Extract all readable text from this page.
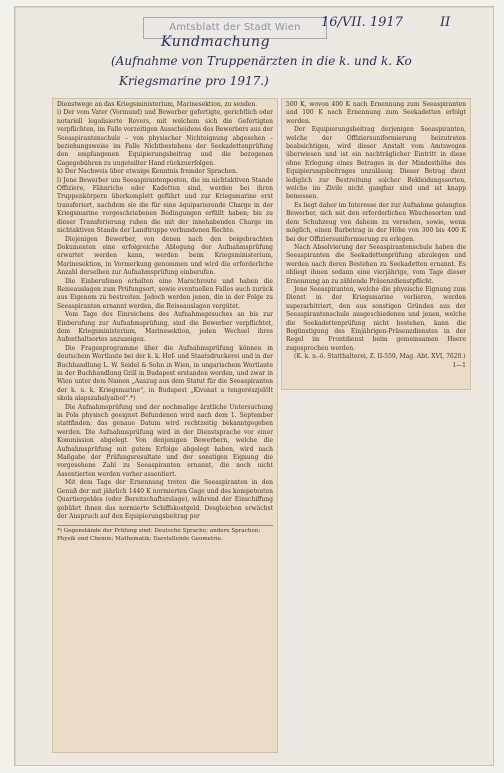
Amtsblatt der Stadt Wien	16/VII. 1917	II
Kundmachung
(Aufnahme von Truppenärzten in die k. und k. Ko
Kriegsmarine pro 1917.)

Dienstwege an das Kriegsministerium, Marinesektion, zu senden.

i) Der vom Vater (Vormund) und Bewerber gefertigte, gerichtlich oder notariell legalisierte Revers, mit welchem sich die Gefertigten verpflichten, im Falle vorzeitigen Ausscheidens des Bewerbers aus der Seeaspirantenschule – von physischer Nichteignung abgesehen – beziehungsweise im Falle Nichtbestehens der Seekadettenprüfung den empfangenen Equipierungsbeitrag und die bezogenen Gagegebühren zu ungeteilter Hand rückzuerfolgen.

k) Der Nachweis über etwaige Kenntnis fremder Sprachen.

l) Jene Bewerber um Seeaspirantenposten, die im nichtaktiven Stande Offiziere, Fähnriche oder Kadetten sind, werden bei ihren Truppenkörpern überkomplett geführt und zur Kriegsmarine erst transferiert, nachdem sie die für eine äquiparierende Charge in der Kriegsmarine vorgeschriebenen Bedingungen erfüllt haben; bis zu dieser Transferierung ruhen die mit der innehabenden Charge im nichtaktiven Stande der Landtruppe verbundenen Rechte.

Diejenigen Bewerber, von denen nach den beigebrachten Dokumenten eine erfolgreiche Ablegung der Aufnahmsprüfung erwartet werden kann, werden beim Kriegsministerium, Marinesektion, in Vormerkung genommen und wird die erforderliche Anzahl derselben zur Aufnahmsprüfung einberufen.

Die Einberufenen erhalten eine Marschroute und haben die Reiseauslagen zum Prüfungsort, sowie eventuellen Falles auch zurück aus Eigenem zu bestreiten. Jedoch werden jenen, die in der Folge zu Seeaspiranten ernannt werden, die Reiseauslagen vergütet.

Vom Tage des Einreichens des Aufnahmsgesuches an bis zur Einberufung zur Aufnahmsprüfung, sind die Bewerber verpflichtet, dem Kriegsministerium, Marinesektion, jeden Wechsel ihres Aufenthaltsortes anzuzeigen.

Die Fragenprogramme über die Aufnahmsprüfung können in deutschem Wortlaute bei der k. k. Hof- und Staatsdruckerei und in der Buchhandlung L. W. Seidel & Sohn in Wien, in ungarischem Wortlaute in der Buchhandlung Grill in Budapest erstanden werden, und zwar in Wien unter dem Namen „Auszug aus dem Statut für die Seeaspiranten der k. u. k. Kriegsmarine“, in Budapest „Kivonat a tengerészjelölt skola alapszabalyaibol“.*)

Die Aufnahmsprüfung und der nochmalige ärztliche Untersuchung in Pola physisch geeignet Befundenen wird nach dem 1. September stattfinden; das genaue Datum wird rechtzeitig bekanntgegeben werden. Die Aufnahmsprüfung wird in der Dienstsprache vor einer Kommission abgelegt. Von denjenigen Bewerbern, welche die Aufnahmsprüfung mit gutem Erfolge abgelegt haben, wird nach Maßgabe der Prüfungsresultate und der sonstigen Eignung die vorgesehene Zahl zu Seeaspiranten ernannt, die noch nicht Assentierten werden vorher assentiert.

Mit dem Tage der Ernennung treten die Seeaspiranten in den Genuß der mit jährlich 1440 K normierten Gage und des kompetenten Quartiergeldes (oder Bereitschaftszulage), während der Einschiffung gebührt ihnen das normierte Schiffskostgeld. Desgleichen erwächst der Anspruch auf den Equipierungsbeitrag per

*) Gegenstände der Prüfung sind: Deutsche Sprache; andere Sprachen; Physik und Chemie; Mathematik; Darstellende Geometrie.

500 K, wovon 400 K nach Ernennung zum Seeaspiranten und 100 K nach Ernennung zum Seekadetten erfolgt werden.

Der Equipierungsbeitrag derjenigen Seeaspiranten, welche der Offiziersuniformierung beizutreten beabsichtigen, wird dieser Anstalt vom Amtswegen überwiesen und ist ein nachträglicher Eintritt in diese ohne Erlegung eines Betrages in der Mindesthöhe des Equipierungsbeitrages unzulässig. Dieser Betrag dient lediglich zur Bestreitung solcher Bekleidungssorten, welche im Zivile nicht gangbar sind und ist knapp bemessen.

Es liegt daher im Interesse der zur Aufnahme gelangten Bewerber, sich mit den erforderlichen Wäschesorten und dem Schuhzeug von daheim zu versehen, sowie, wenn möglich, einen Barbetrag in der Höhe von 300 bis 400 K bei der Offiziersuniformierung zu erlegen.

Nach Absolvierung der Seeaspirantenschule haben die Seeaspiranten die Seekadettenprüfung abzulegen und werden nach deren Bestehen zu Seekadetten ernannt. Es obliegt ihnen sodann eine vierjährige, vom Tage dieser Ernennung an zu zählende Präsenzdienstpflicht.

Jene Seeaspiranten, welche die physische Eignung zum Dienst in der Kriegsmarine verlieren, werden superarbitriert, den aus sonstigen Gründen aus der Seeaspirantenschule ausgeschiedenen und jenen, welche die Seekadettenprüfung nicht bestehen, kann die Begünstigung des Einjährigen-Präsenzdienstes in der Regel im Frontdienst beim gemeinsamen Heere zugesprochen werden.

(K. k. n.-ö. Statthalterei, Z. II-559, Mag. Abt. XVI, 7620.)

1—1
